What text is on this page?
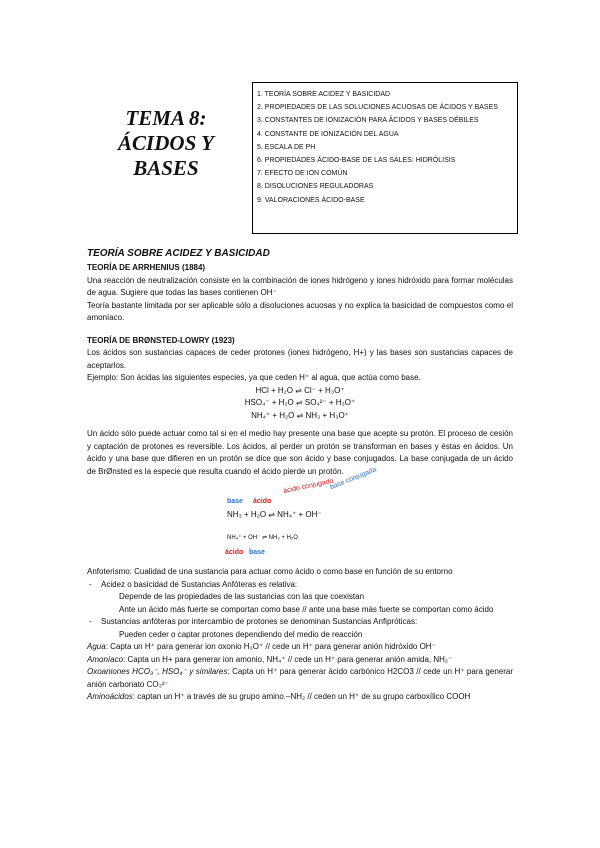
TEMA 8:
ÁCIDOS Y
BASES
1. TEORÍA SOBRE ACIDEZ Y BASICIDAD
2. PROPIEDADES DE LAS SOLUCIONES ACUOSAS DE ÁCIDOS Y BASES
3. CONSTANTES DE IONIZACIÓN PARA ÁCIDOS Y BASES DÉBILES
4. CONSTANTE DE IONIZACIÓN DEL AGUA
5. ESCALA DE PH
6. PROPIEDADES ÁCIDO-BASE DE LAS SALES: HIDRÓLISIS
7. EFECTO DE ION COMÚN
8. DISOLUCIONES REGULADORAS
9. VALORACIONES ÁCIDO-BASE
TEORÍA SOBRE ACIDEZ Y BASICIDAD
TEORÍA DE ARRHENIUS (1884)

Una reacción de neutralización consiste en la combinación de iones hidrógeno y iones hidróxido para formar moléculas de agua. Sugiere que todas las bases contienen OH⁻

Teoría bastante limitada por ser aplicable sólo a disoluciones acuosas y no explica la basicidad de compuestos como el amoníaco.

TEORÍA DE BRØNSTED-LOWRY (1923)

Los ácidos son sustancias capaces de ceder protones (iones hidrógeno, H+) y las bases son sustancias capaces de aceptarlos.

Ejemplo: Son ácidas las siguientes especies, ya que ceden H⁺ al agua, que actúa como base.

HCl + H₂O ⇌ Cl⁻ + H₃O⁺
HSO₄⁻ + H₂O ⇌ SO₄²⁻ + H₃O⁺
NH₄⁺ + H₂O ⇌ NH₃ + H₃O⁺

Un ácido sólo puede actuar como tal si en el medio hay presente una base que acepte su protón. El proceso de cesión y captación de protones es reversible. Los ácidos, al perder un protón se transforman en bases y éstas en ácidos. Un ácido y una base que difieren en un protón se dice que son ácido y base conjugados. La base conjugada de un ácido de BrØnsted es la especie que resulta cuando el ácido pierde un protón.

base ácido
ácido conjugado
base conjugada
NH₃ + H₂O ⇌ NH₄⁺ + OH⁻
NH₄⁺ + OH⁻ ⇌ NH₃ + H₂O
ácido base

Anfoterismo: Cualidad de una sustancia para actuar como ácido o como base en función de su entorno

- Acidez o basicidad de Sustancias Anfóteras es relativa:
Depende de las propiedades de las sustancias con las que coexistan
Ante un ácido más fuerte se comportan como base // ante una base más fuerte se comportan como ácido
- Sustancias anfóteras por intercambio de protones se denominan Sustancias Anfipróticas:
Pueden ceder o captar protones dependiendo del medio de reacción

Agua: Capta un H⁺ para generar ion oxonio H₃O⁺ // cede un H⁺ para generar anión hidróxido OH⁻

Amoníaco: Capta un H+ para generar ion amonio, NH₄⁺ // cede un H⁺ para generar anión amida, NH₂⁻

Oxoaniones HCO₃⁻, HSO₄⁻ y similares: Capta un H⁺ para generar ácido carbónico H2CO3 // cede un H⁺ para generar anión carbonato CO₃²⁻

Aminoácidos: captan un H⁺ a través de su grupo amino –NH₂ // ceden un H⁺ de su grupo carboxílico COOH
